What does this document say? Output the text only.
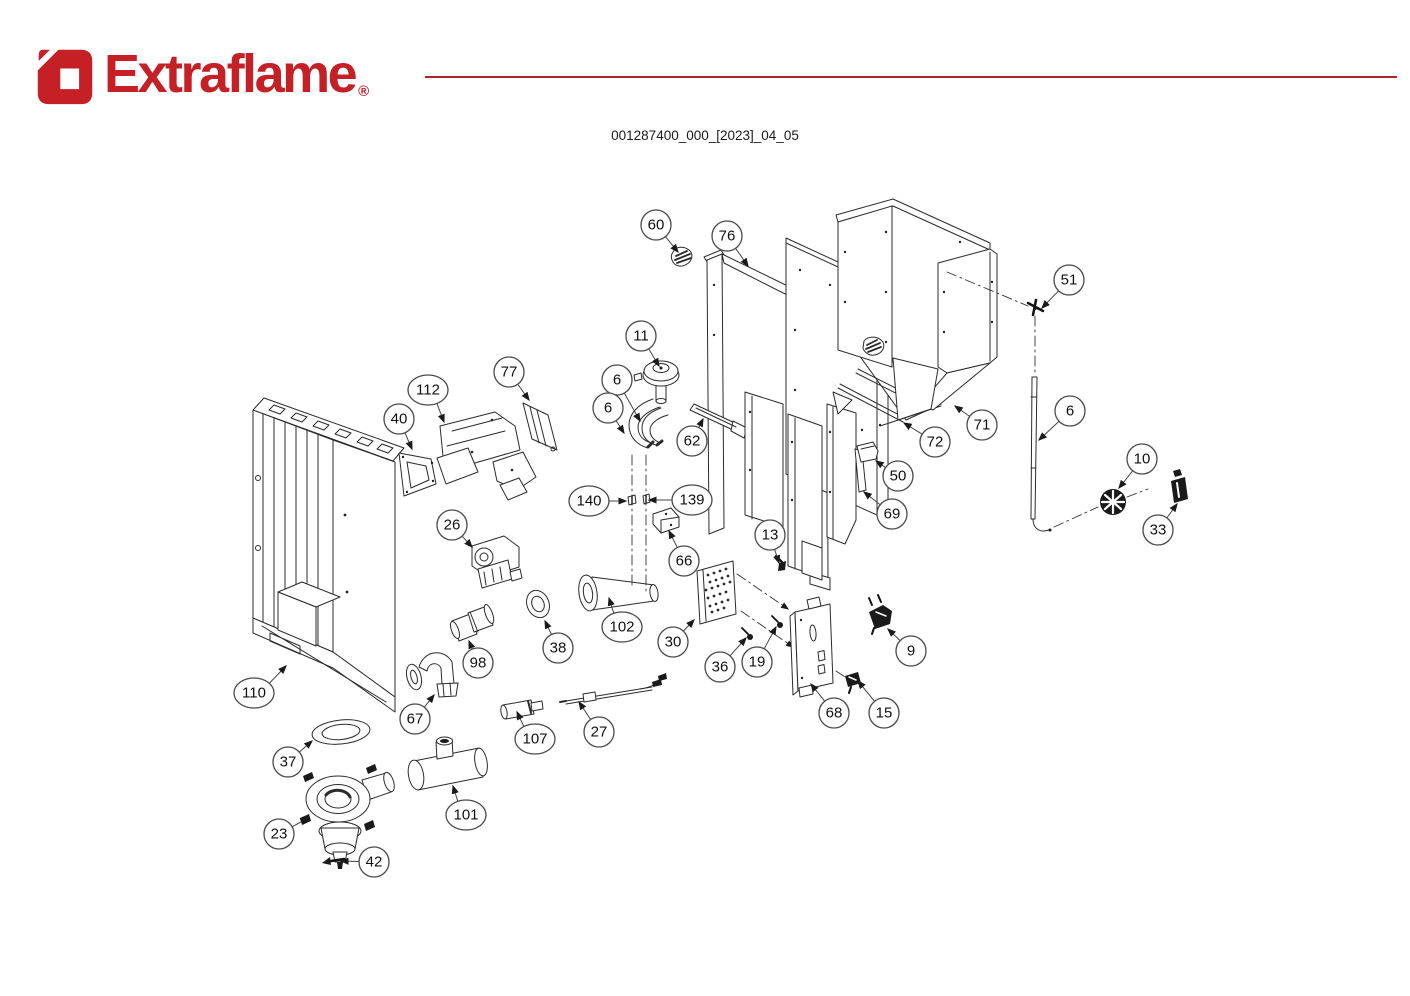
Extraflame ®
001287400_000_[2023]_04_05
60
76
51
11
77	6
112
6	6
40	71
62	72
10
50
140	139
69
26	33
13
66
102
30
38	9
19
98	36
110
68 15
67
27
107
37
101
23
42
